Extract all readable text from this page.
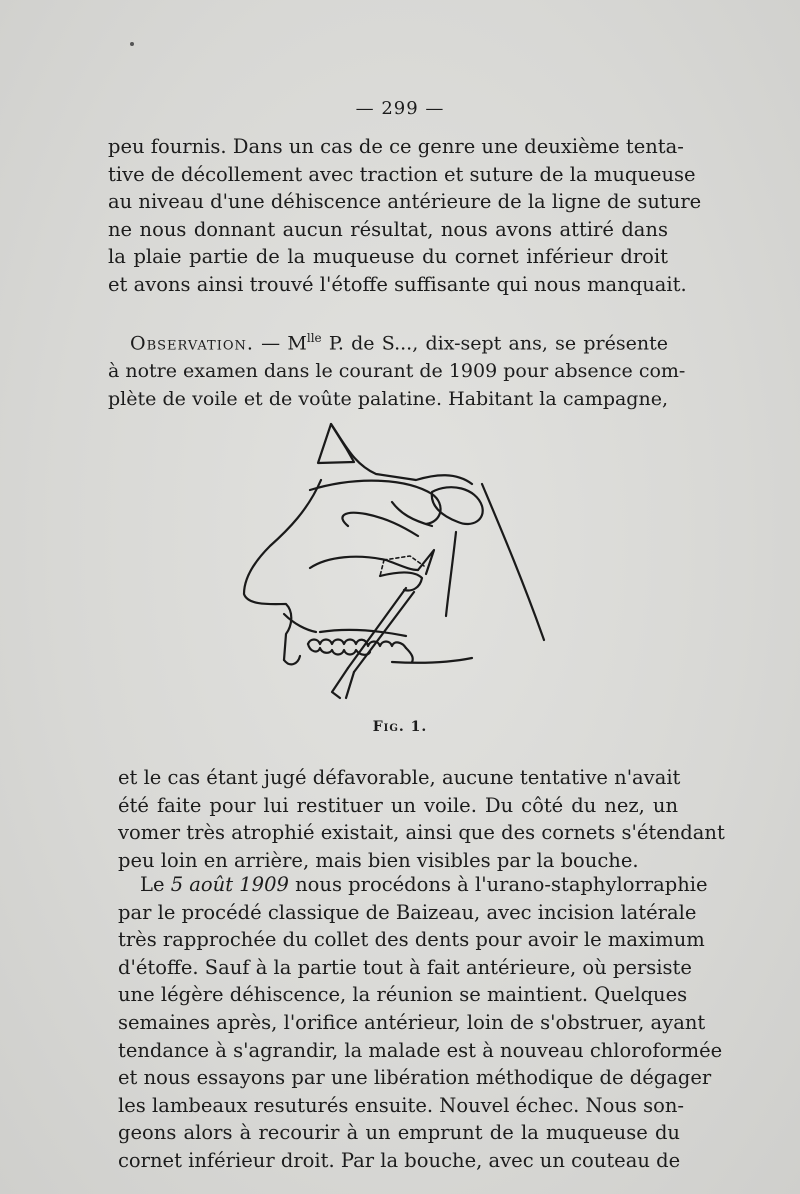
— 299 —

peu fournis. Dans un cas de ce genre une deuxième tenta-
tive de décollement avec traction et suture de la muqueuse
au niveau d'une déhiscence antérieure de la ligne de suture
ne nous donnant aucun résultat, nous avons attiré dans
la plaie partie de la muqueuse du cornet inférieur droit
et avons ainsi trouvé l'étoffe suffisante qui nous manquait.

Observation. — $M^{lle}$ P. de S..., dix-sept ans, se présente
à notre examen dans le courant de 1909 pour absence com-
plète de voile et de voûte palatine. Habitant la campagne,

Fig. 1.

et le cas étant jugé défavorable, aucune tentative n'avait
été faite pour lui restituer un voile. Du côté du nez, un
vomer très atrophié existait, ainsi que des cornets s'étendant
peu loin en arrière, mais bien visibles par la bouche.

Le 5 août 1909 nous procédons à l'urano-staphylorraphie
par le procédé classique de Baizeau, avec incision latérale
très rapprochée du collet des dents pour avoir le maximum
d'étoffe. Sauf à la partie tout à fait antérieure, où persiste
une légère déhiscence, la réunion se maintient. Quelques
semaines après, l'orifice antérieur, loin de s'obstruer, ayant
tendance à s'agrandir, la malade est à nouveau chloroformée
et nous essayons par une libération méthodique de dégager
les lambeaux resuturés ensuite. Nouvel échec. Nous son-
geons alors à recourir à un emprunt de la muqueuse du
cornet inférieur droit. Par la bouche, avec un couteau de
